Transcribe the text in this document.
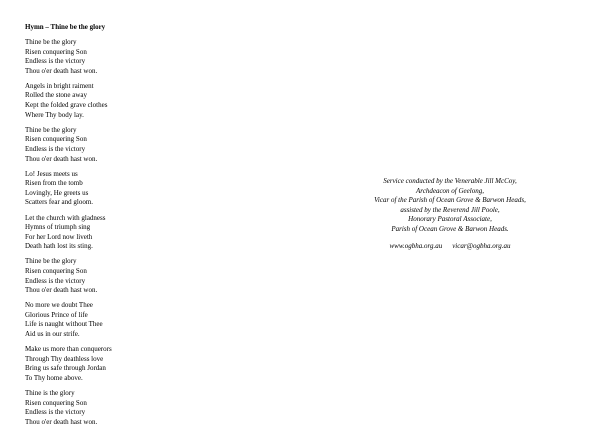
Hymn – Thine be the glory
Thine be the glory
Risen conquering Son
Endless is the victory
Thou o'er death hast won.
Angels in bright raiment
Rolled the stone away
Kept the folded grave clothes
Where Thy body lay.
Thine be the glory
Risen conquering Son
Endless is the victory
Thou o'er death hast won.
Lo! Jesus meets us
Risen from the tomb
Lovingly, He greets us
Scatters fear and gloom.
Let the church with gladness
Hymns of triumph sing
For her Lord now liveth
Death hath lost its sting.
Thine be the glory
Risen conquering Son
Endless is the victory
Thou o'er death hast won.
No more we doubt Thee
Glorious Prince of life
Life is naught without Thee
Aid us in our strife.
Make us more than conquerors
Through Thy deathless love
Bring us safe through Jordan
To Thy home above.
Thine is the glory
Risen conquering Son
Endless is the victory
Thou o'er death hast won.
Service conducted by the Venerable Jill McCoy,
Archdeacon of Geelong,
Vicar of the Parish of Ocean Grove & Barwon Heads,
assisted by the Reverend Jill Poole,
Honorary Pastoral Associate,
Parish of Ocean Grove & Barwon Heads.
www.ogbha.org.au vicar@ogbha.org.au
